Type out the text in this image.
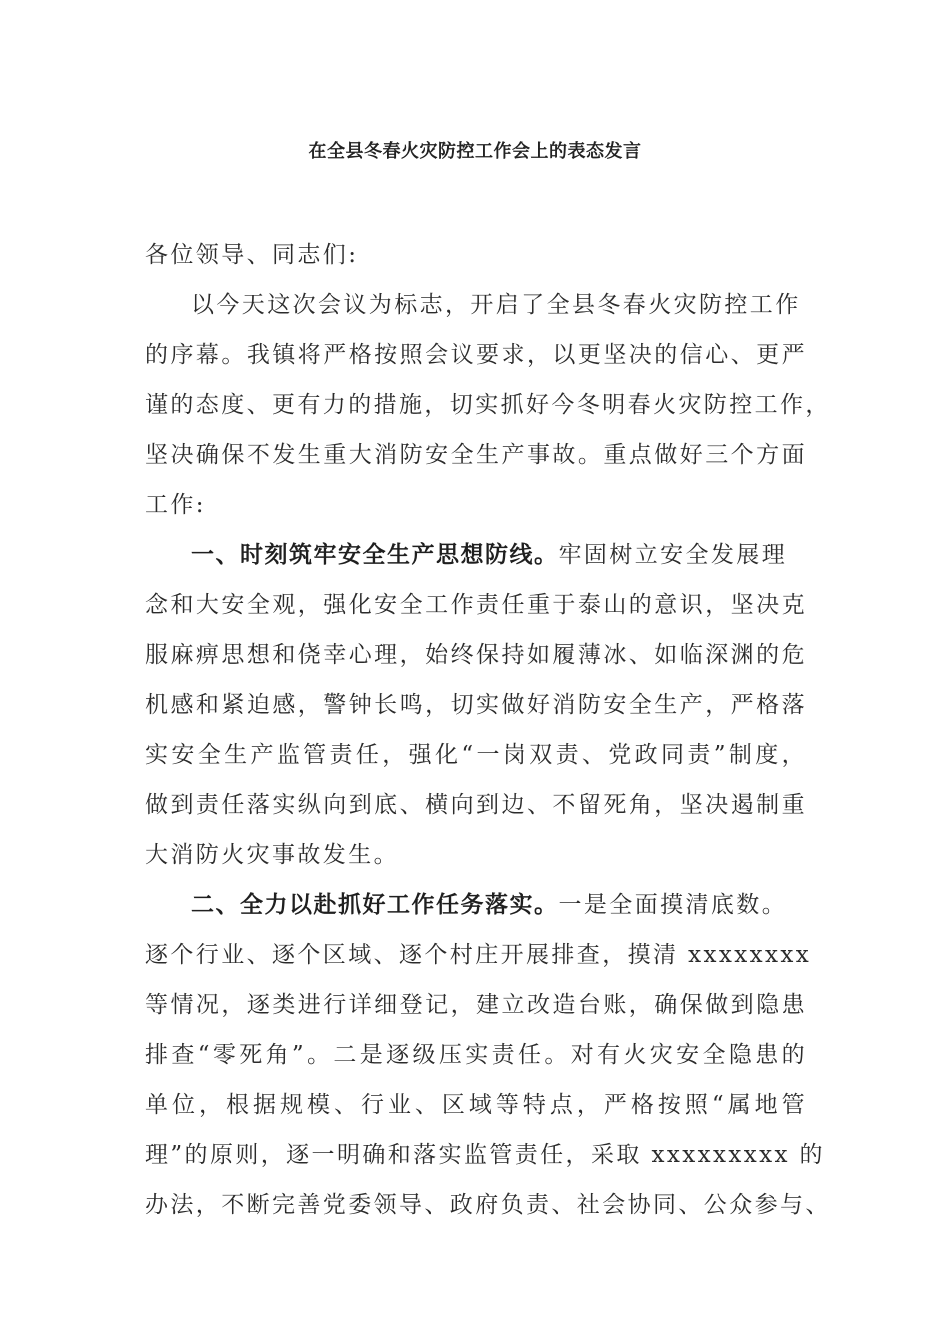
在全县冬春火灾防控工作会上的表态发言
各位领导、同志们:
以今天这次会议为标志，开启了全县冬春火灾防控工作
的序幕。我镇将严格按照会议要求，以更坚决的信心、更严
谨的态度、更有力的措施，切实抓好今冬明春火灾防控工作，
坚决确保不发生重大消防安全生产事故。重点做好三个方面
工作:
一、时刻筑牢安全生产思想防线。牢固树立安全发展理
念和大安全观，强化安全工作责任重于泰山的意识，坚决克
服麻痹思想和侥幸心理，始终保持如履薄冰、如临深渊的危
机感和紧迫感，警钟长鸣，切实做好消防安全生产，严格落
实安全生产监管责任，强化“一岗双责、党政同责”制度，
做到责任落实纵向到底、横向到边、不留死角，坚决遏制重
大消防火灾事故发生。
二、全力以赴抓好工作任务落实。一是全面摸清底数。
逐个行业、逐个区域、逐个村庄开展排查，摸清 xxxxxxxx
等情况，逐类进行详细登记，建立改造台账，确保做到隐患
排查“零死角”。二是逐级压实责任。对有火灾安全隐患的
单位，根据规模、行业、区域等特点，严格按照“属地管
理”的原则，逐一明确和落实监管责任，采取 xxxxxxxxx 的
办法，不断完善党委领导、政府负责、社会协同、公众参与、
